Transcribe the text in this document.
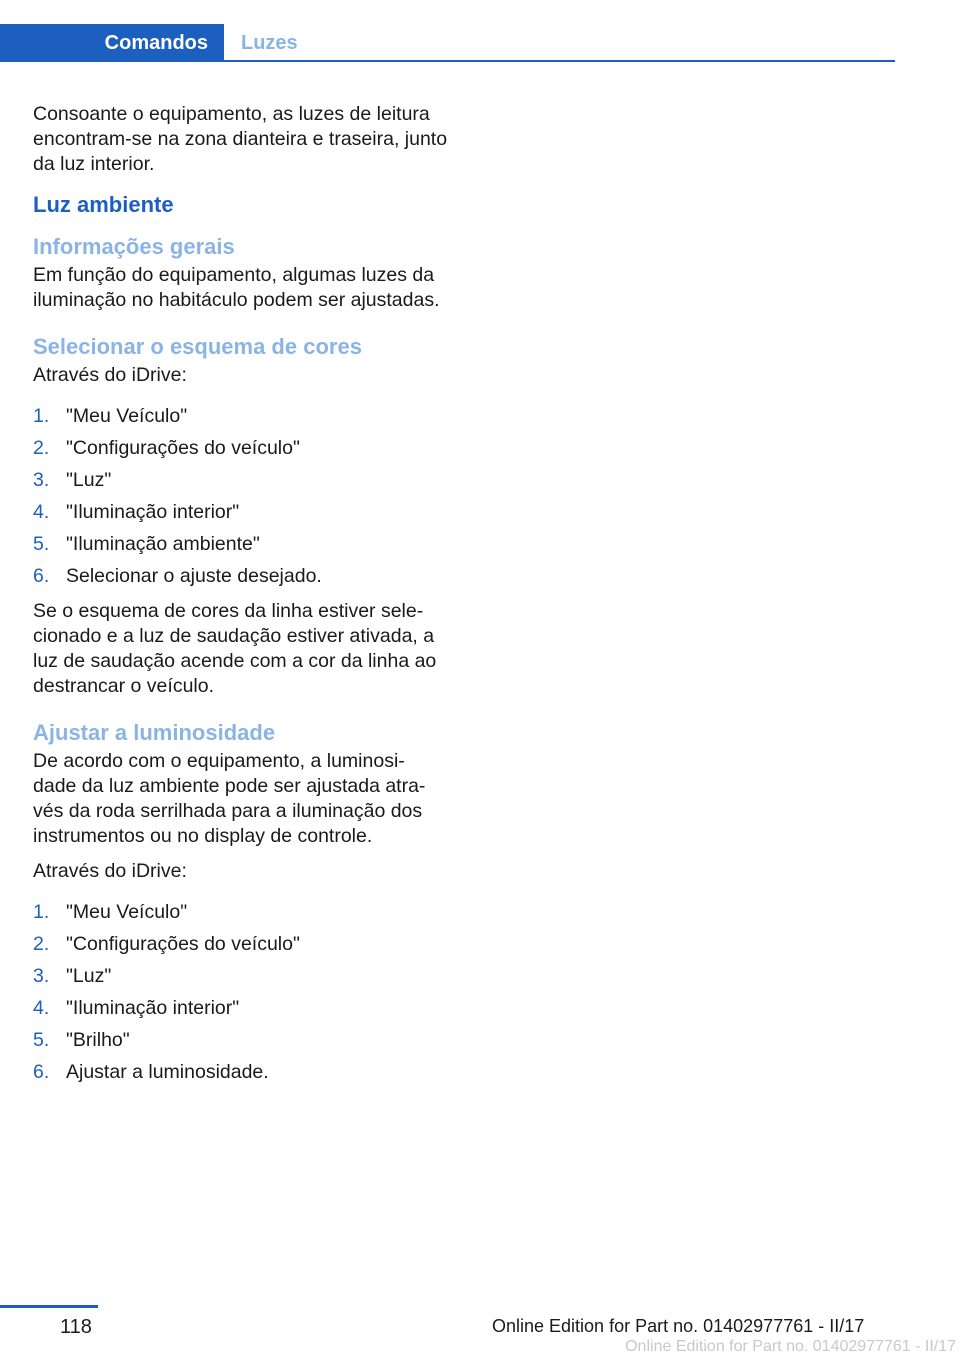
Comandos	Luzes

Consoante o equipamento, as luzes de leitura encontram-se na zona dianteira e traseira, junto da luz interior.

Luz ambiente
Informações gerais

Em função do equipamento, algumas luzes da iluminação no habitáculo podem ser ajustadas.

Selecionar o esquema de cores

Através do iDrive:

1. "Meu Veículo"
2. "Configurações do veículo"
3. "Luz"
4. "Iluminação interior"
5. "Iluminação ambiente"
6. Selecionar o ajuste desejado.

Se o esquema de cores da linha estiver sele‐ cionado e a luz de saudação estiver ativada, a luz de saudação acende com a cor da linha ao destrancar o veículo.

Ajustar a luminosidade

De acordo com o equipamento, a luminosi‐ dade da luz ambiente pode ser ajustada atra‐ vés da roda serrilhada para a iluminação dos instrumentos ou no display de controle.

Através do iDrive:

1. "Meu Veículo"
2. "Configurações do veículo"
3. "Luz"
4. "Iluminação interior"
5. "Brilho"
6. Ajustar a luminosidade.
118	Online Edition for Part no. 01402977761 - II/17
Online Edition for Part no. 01402977761 - II/17
